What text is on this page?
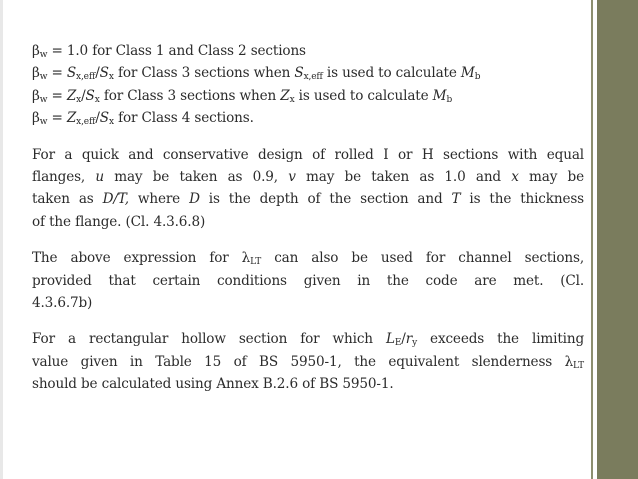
$\beta_w = 1.0$ for Class 1 and Class 2 sections
$\beta_w = S_{x,eff}/S_x$ for Class 3 sections when $S_{x,eff}$ is used to calculate $M_b$
$\beta_w = Z_x/S_x$ for Class 3 sections when $Z_x$ is used to calculate $M_b$
$\beta_w = Z_{x,eff}/S_x$ for Class 4 sections.
For a quick and conservative design of rolled I or H sections with equal
flanges, u may be taken as 0.9, v may be taken as 1.0 and x may be
taken as D/T, where D is the depth of the section and T is the thickness
of the flange. (Cl. 4.3.6.8)
The above expression for $\lambda_{LT}$ can also be used for channel sections,
provided that certain conditions given in the code are met. (Cl.
4.3.6.7b)
For a rectangular hollow section for which $L_E/r_y$ exceeds the limiting
value given in Table 15 of BS 5950-1, the equivalent slenderness $\lambda_{LT}$
should be calculated using Annex B.2.6 of BS 5950-1.
